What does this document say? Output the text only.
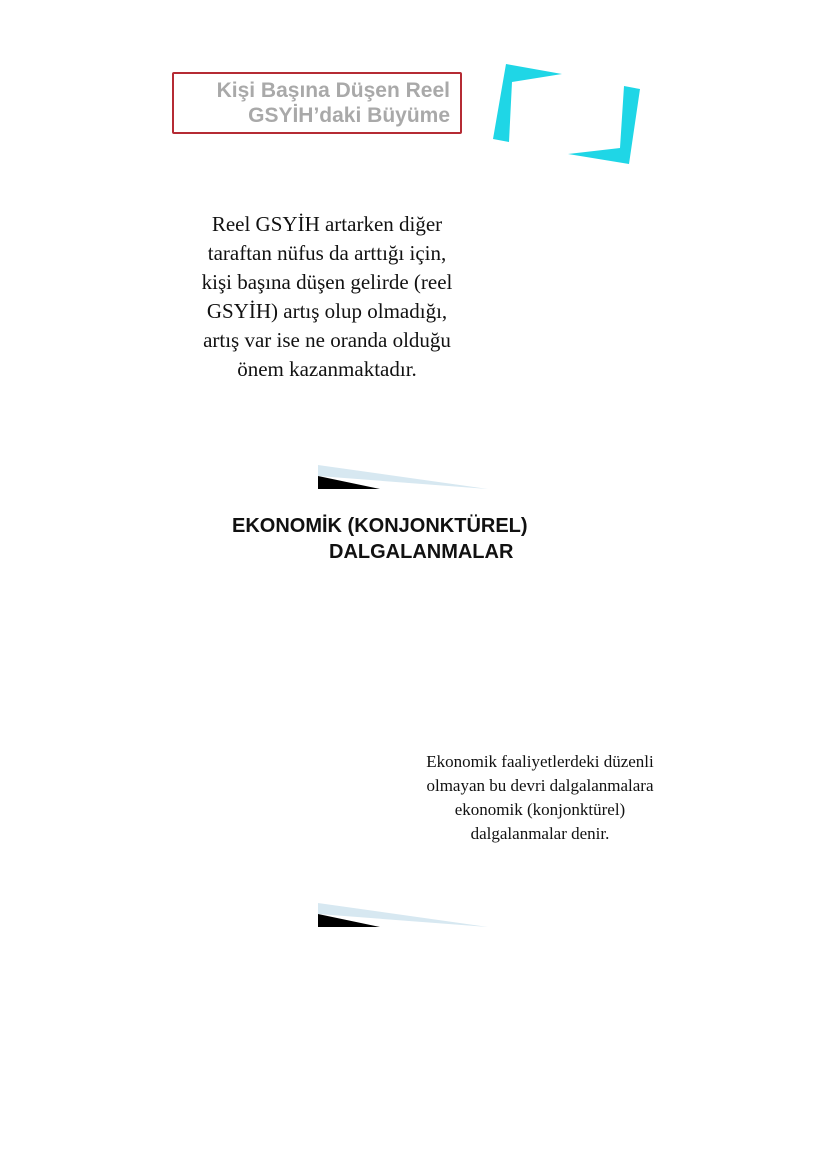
Kişi Başına Düşen Reel
GSYİH’daki Büyüme
Reel GSYİH artarken diğer
taraftan nüfus da arttığı için,
kişi başına düşen gelirde (reel
GSYİH) artış olup olmadığı,
artış var ise ne oranda olduğu
önem kazanmaktadır.
EKONOMİK (KONJONKTÜREL)
DALGALANMALAR
Ekonomik faaliyetlerdeki düzenli
olmayan bu devri dalgalanmalara
ekonomik (konjonktürel)
dalgalanmalar denir.
